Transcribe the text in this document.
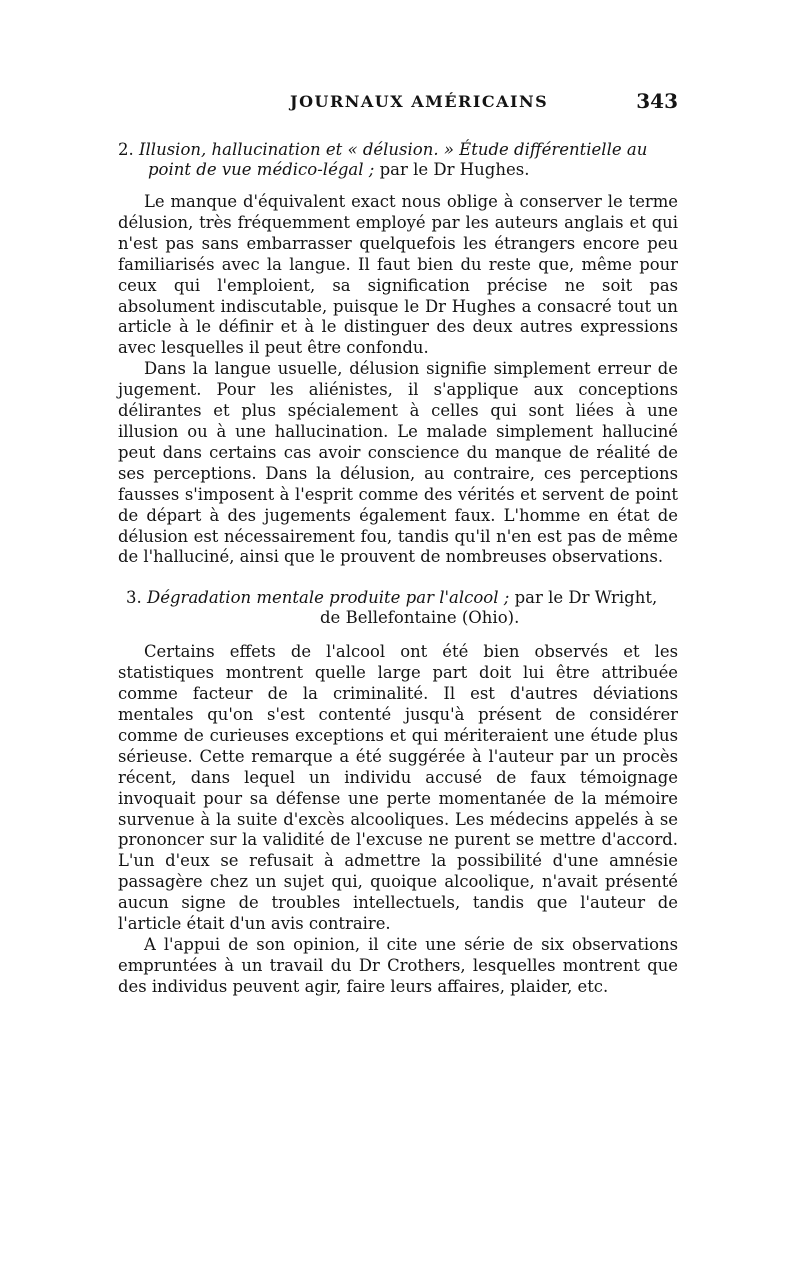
JOURNAUX AMÉRICAINS	343
2. Illusion, hallucination et « délusion. » Étude différentielle au
point de vue médico-légal ; par le Dr Hughes.

Le manque d'équivalent exact nous oblige à conserver le terme délusion, très fréquemment employé par les auteurs anglais et qui n'est pas sans embarrasser quelquefois les étrangers encore peu familiarisés avec la langue. Il faut bien du reste que, même pour ceux qui l'emploient, sa signification précise ne soit pas absolument indiscutable, puisque le Dr Hughes a consacré tout un article à le définir et à le distinguer des deux autres expressions avec lesquelles il peut être confondu.

Dans la langue usuelle, délusion signifie simplement erreur de jugement. Pour les aliénistes, il s'applique aux conceptions délirantes et plus spécialement à celles qui sont liées à une illusion ou à une hallucination. Le malade simplement halluciné peut dans certains cas avoir conscience du manque de réalité de ses perceptions. Dans la délusion, au contraire, ces perceptions fausses s'imposent à l'esprit comme des vérités et servent de point de départ à des jugements également faux. L'homme en état de délusion est nécessairement fou, tandis qu'il n'en est pas de même de l'halluciné, ainsi que le prouvent de nombreuses observations.

3. Dégradation mentale produite par l'alcool ; par le Dr Wright,
de Bellefontaine (Ohio).

Certains effets de l'alcool ont été bien observés et les statistiques montrent quelle large part doit lui être attribuée comme facteur de la criminalité. Il est d'autres déviations mentales qu'on s'est contenté jusqu'à présent de considérer comme de curieuses exceptions et qui mériteraient une étude plus sérieuse. Cette remarque a été suggérée à l'auteur par un procès récent, dans lequel un individu accusé de faux témoignage invoquait pour sa défense une perte momentanée de la mémoire survenue à la suite d'excès alcooliques. Les médecins appelés à se prononcer sur la validité de l'excuse ne purent se mettre d'accord. L'un d'eux se refusait à admettre la possibilité d'une amnésie passagère chez un sujet qui, quoique alcoolique, n'avait présenté aucun signe de troubles intellectuels, tandis que l'auteur de l'article était d'un avis contraire.

A l'appui de son opinion, il cite une série de six observations empruntées à un travail du Dr Crothers, lesquelles montrent que des individus peuvent agir, faire leurs affaires, plaider, etc.
